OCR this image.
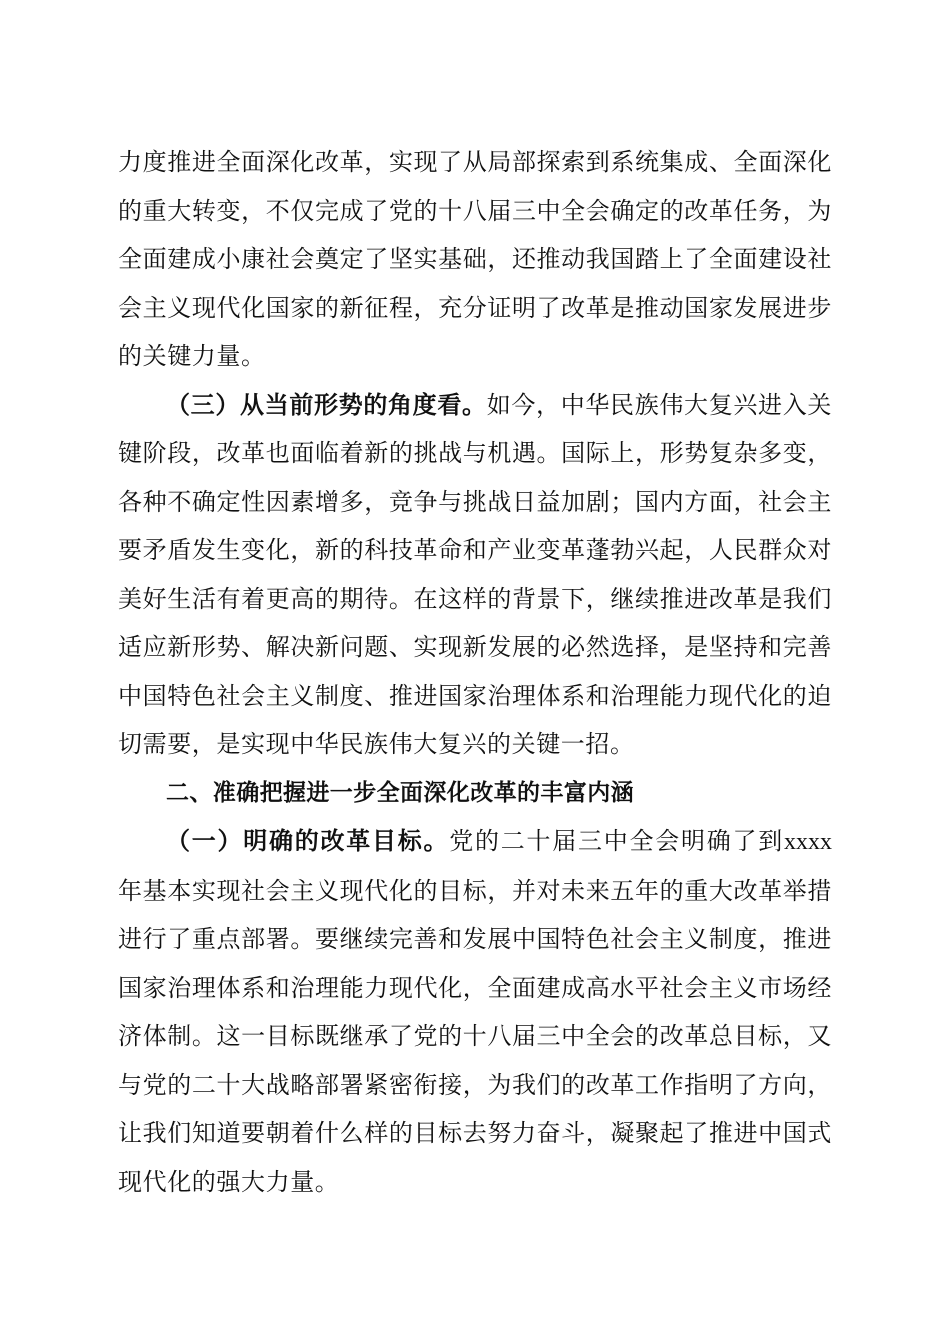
力度推进全面深化改革，实现了从局部探索到系统集成、全面深化的重大转变，不仅完成了党的十八届三中全会确定的改革任务，为全面建成小康社会奠定了坚实基础，还推动我国踏上了全面建设社会主义现代化国家的新征程，充分证明了改革是推动国家发展进步的关键力量。

（三）从当前形势的角度看。如今，中华民族伟大复兴进入关键阶段，改革也面临着新的挑战与机遇。国际上，形势复杂多变，各种不确定性因素增多，竞争与挑战日益加剧；国内方面，社会主要矛盾发生变化，新的科技革命和产业变革蓬勃兴起，人民群众对美好生活有着更高的期待。在这样的背景下，继续推进改革是我们适应新形势、解决新问题、实现新发展的必然选择，是坚持和完善中国特色社会主义制度、推进国家治理体系和治理能力现代化的迫切需要，是实现中华民族伟大复兴的关键一招。

二、准确把握进一步全面深化改革的丰富内涵

（一）明确的改革目标。党的二十届三中全会明确了到xxxx 年基本实现社会主义现代化的目标，并对未来五年的重大改革举措进行了重点部署。要继续完善和发展中国特色社会主义制度，推进国家治理体系和治理能力现代化，全面建成高水平社会主义市场经济体制。这一目标既继承了党的十八届三中全会的改革总目标，又与党的二十大战略部署紧密衔接，为我们的改革工作指明了方向，让我们知道要朝着什么样的目标去努力奋斗，凝聚起了推进中国式现代化的强大力量。
